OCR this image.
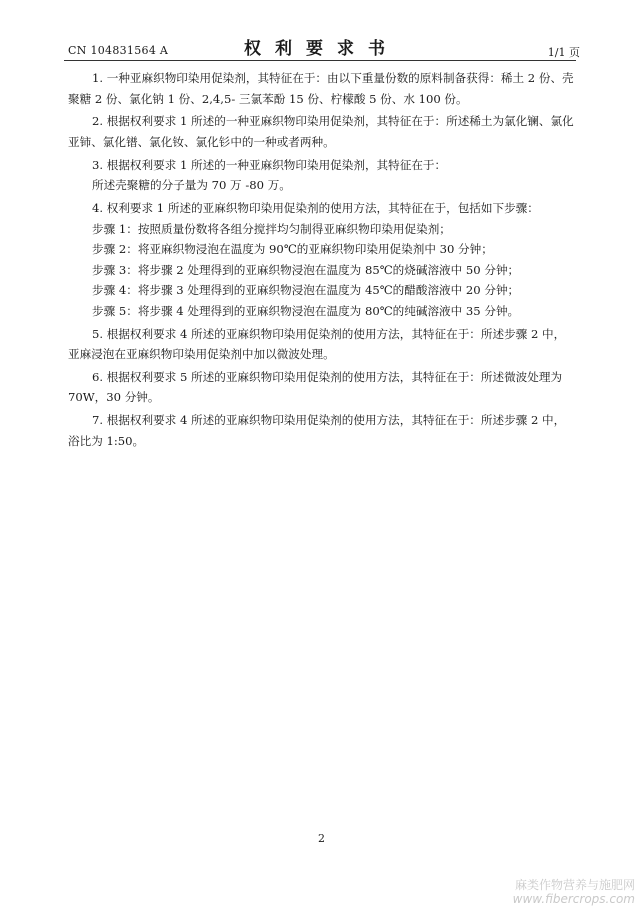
CN 104831564 A	权利要求书	1/1 页

1. 一种亚麻织物印染用促染剂，其特征在于：由以下重量份数的原料制备获得：稀土 2 份、壳聚糖 2 份、氯化钠 1 份、2,4,5- 三氯苯酚 15 份、柠檬酸 5 份、水 100 份。

2. 根据权利要求 1 所述的一种亚麻织物印染用促染剂，其特征在于：所述稀土为氯化镧、氯化亚铈、氯化镨、氯化钕、氯化钐中的一种或者两种。

3. 根据权利要求 1 所述的一种亚麻织物印染用促染剂，其特征在于：

所述壳聚糖的分子量为 70 万 -80 万。

4. 权利要求 1 所述的亚麻织物印染用促染剂的使用方法，其特征在于，包括如下步骤：

步骤 1：按照质量份数将各组分搅拌均匀制得亚麻织物印染用促染剂；

步骤 2：将亚麻织物浸泡在温度为 90℃的亚麻织物印染用促染剂中 30 分钟；

步骤 3：将步骤 2 处理得到的亚麻织物浸泡在温度为 85℃的烧碱溶液中 50 分钟；

步骤 4：将步骤 3 处理得到的亚麻织物浸泡在温度为 45℃的醋酸溶液中 20 分钟；

步骤 5：将步骤 4 处理得到的亚麻织物浸泡在温度为 80℃的纯碱溶液中 35 分钟。

5. 根据权利要求 4 所述的亚麻织物印染用促染剂的使用方法，其特征在于：所述步骤 2 中，亚麻浸泡在亚麻织物印染用促染剂中加以微波处理。

6. 根据权利要求 5 所述的亚麻织物印染用促染剂的使用方法，其特征在于：所述微波处理为 70W，30 分钟。

7. 根据权利要求 4 所述的亚麻织物印染用促染剂的使用方法，其特征在于：所述步骤 2 中，浴比为 1:50。

2
麻类作物营养与施肥网
www.fibercrops.com
